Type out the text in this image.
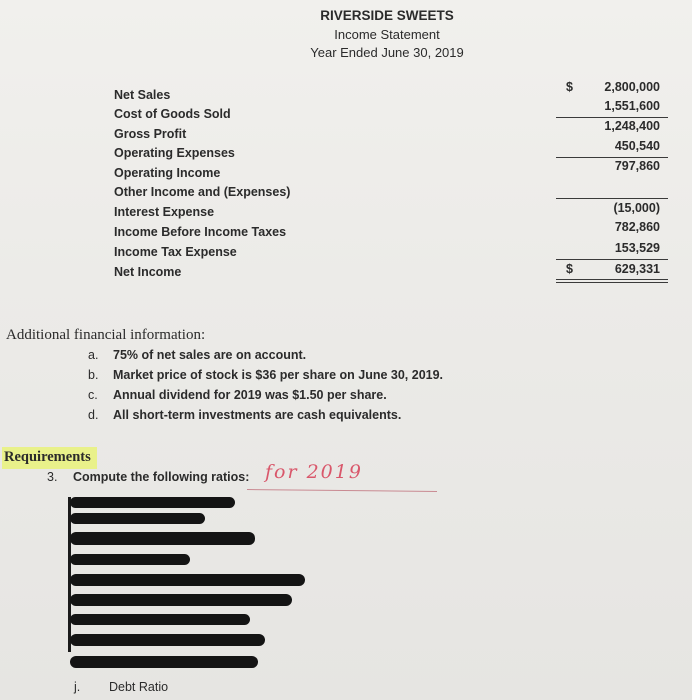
RIVERSIDE SWEETS
Income Statement
Year Ended June 30, 2019
Net Sales
Cost of Goods Sold
Gross Profit
Operating Expenses
Operating Income
Other Income and (Expenses)
Interest Expense
Income Before Income Taxes
Income Tax Expense
Net Income
$
$
2,800,000
1,551,600
1,248,400
450,540
797,860
(15,000)
782,860
153,529
629,331
Additional financial information:
a. 75% of net sales are on account.
b. Market price of stock is $36 per share on June 30, 2019.
c. Annual dividend for 2019 was $1.50 per share.
d. All short-term investments are cash equivalents.
Requirements
3. Compute the following ratios: for 2019
j. Debt Ratio
